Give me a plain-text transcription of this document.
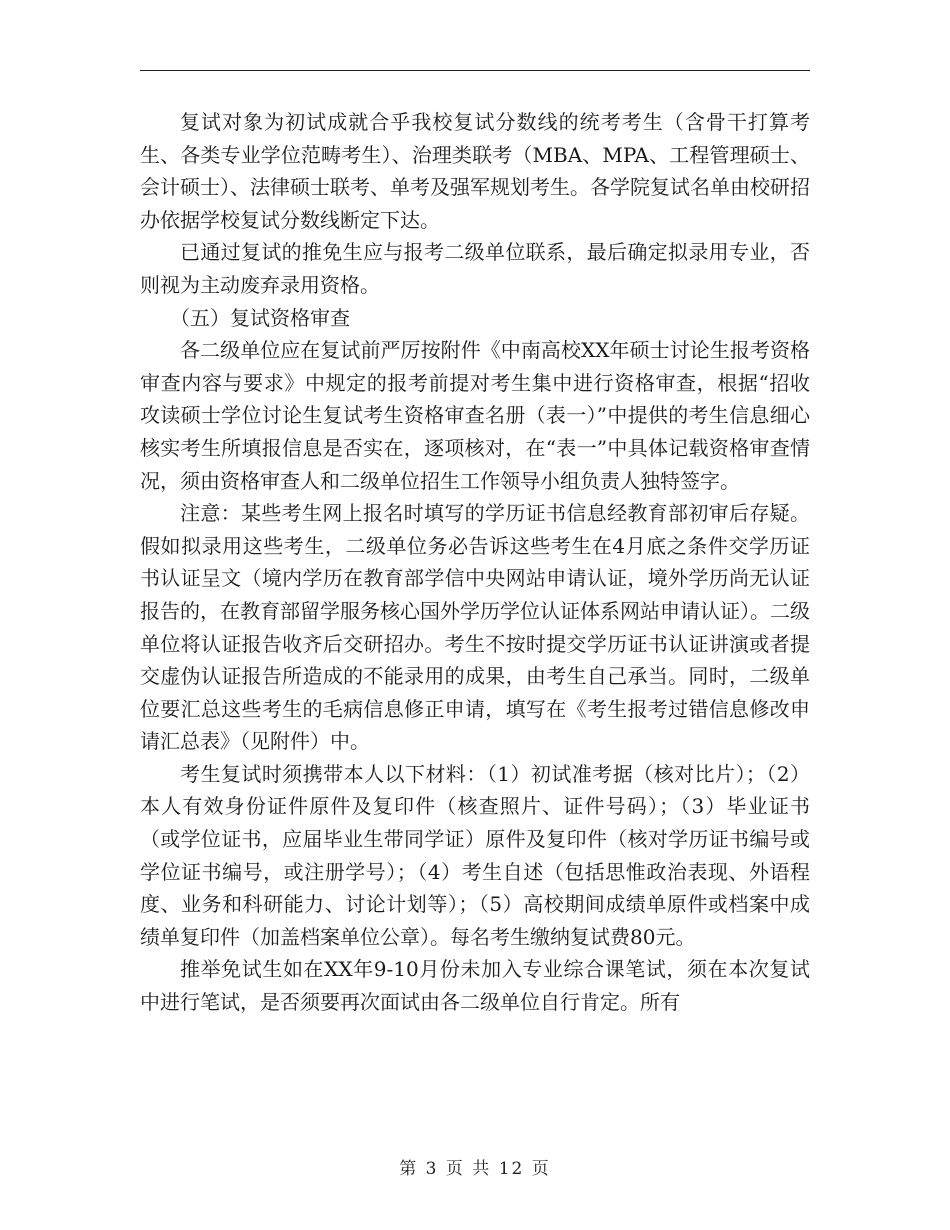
复试对象为初试成就合乎我校复试分数线的统考考生（含骨干打算考生、各类专业学位范畴考生）、治理类联考（MBA、MPA、工程管理硕士、会计硕士）、法律硕士联考、单考及强军规划考生。各学院复试名单由校研招办依据学校复试分数线断定下达。

已通过复试的推免生应与报考二级单位联系，最后确定拟录用专业，否则视为主动废弃录用资格。

（五）复试资格审查

各二级单位应在复试前严厉按附件《中南高校XX年硕士讨论生报考资格审查内容与要求》中规定的报考前提对考生集中进行资格审查，根据“招收攻读硕士学位讨论生复试考生资格审查名册（表一）”中提供的考生信息细心核实考生所填报信息是否实在，逐项核对，在“表一”中具体记载资格审查情况，须由资格审查人和二级单位招生工作领导小组负责人独特签字。

注意：某些考生网上报名时填写的学历证书信息经教育部初审后存疑。假如拟录用这些考生，二级单位务必告诉这些考生在4月底之条件交学历证书认证呈文（境内学历在教育部学信中央网站申请认证，境外学历尚无认证报告的，在教育部留学服务核心国外学历学位认证体系网站申请认证）。二级单位将认证报告收齐后交研招办。考生不按时提交学历证书认证讲演或者提交虚伪认证报告所造成的不能录用的成果，由考生自己承当。同时，二级单位要汇总这些考生的毛病信息修正申请，填写在《考生报考过错信息修改申请汇总表》（见附件）中。

考生复试时须携带本人以下材料：（1）初试准考据（核对比片）；（2）本人有效身份证件原件及复印件（核查照片、证件号码）；（3）毕业证书（或学位证书，应届毕业生带同学证）原件及复印件（核对学历证书编号或学位证书编号，或注册学号）；（4）考生自述（包括思惟政治表现、外语程度、业务和科研能力、讨论计划等）；（5）高校期间成绩单原件或档案中成绩单复印件（加盖档案单位公章）。每名考生缴纳复试费80元。

推举免试生如在XX年9-10月份未加入专业综合课笔试，须在本次复试中进行笔试，是否须要再次面试由各二级单位自行肯定。所有

第 3 页 共 12 页
